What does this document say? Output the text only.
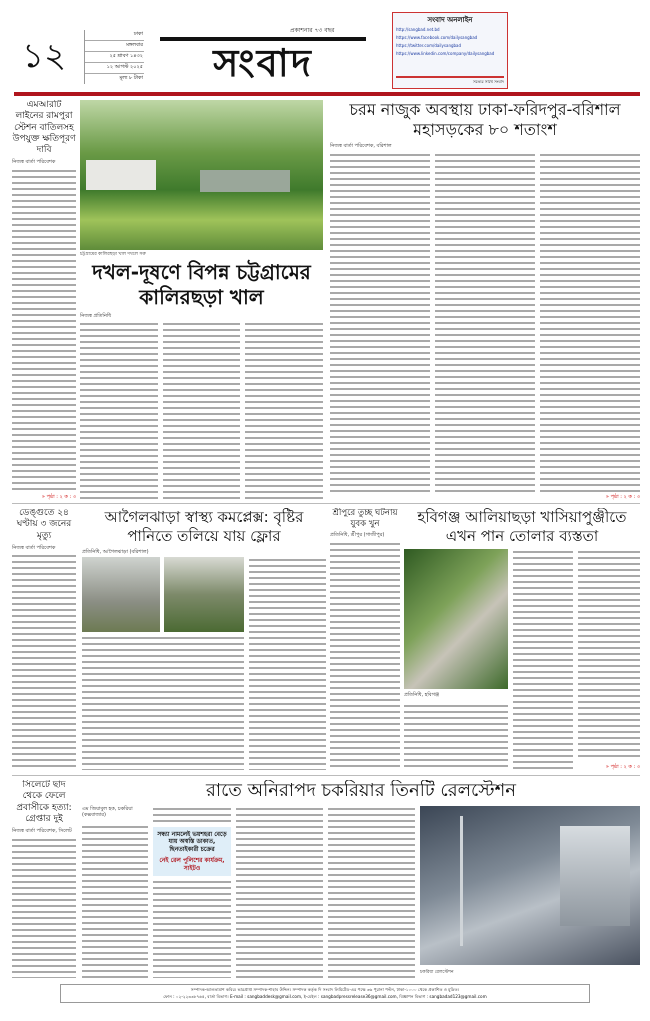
১২
ঢাকা
মঙ্গলবার
২৫ শ্রাবণ ১৪৩২
১২ আগস্ট ২০২৫
মূল্য ৮ টাকা
প্রকাশনার ৭৩ বছর
সংবাদ
সংবাদ অনলাইন
http://sangbad.net.bd
https://www.facebook.com/dailysangbad
https://twitter.com/dailysangbad
https://www.linkedin.com/company/dailysangbad
সত্যের সাথে সংবাদ
এমআরটি লাইনের রামপুরা স্টেশন বাতিলসহ উপযুক্ত ক্ষতিপূরণ দাবি
নিজস্ব বার্তা পরিবেশক
» পৃষ্ঠা : ২ ক : ৩
চট্টগ্রামের কালিরছড়া খাল দখলে সরু
দখল-দূষণে বিপন্ন চট্টগ্রামের কালিরছড়া খাল
নিজস্ব প্রতিনিধি
চরম নাজুক অবস্থায় ঢাকা-ফরিদপুর-বরিশাল মহাসড়কের ৮০ শতাংশ
নিজস্ব বার্তা পরিবেশক, বরিশাল
» পৃষ্ঠা : ২ ক : ৩
ডেঙ্গুতে ২৪ ঘণ্টায় ৩ জনের মৃত্যু
নিজস্ব বার্তা পরিবেশক
আগৈলঝাড়া স্বাস্থ্য কমপ্লেক্স: বৃষ্টির পানিতে তলিয়ে যায় ফ্লোর
প্রতিনিধি, আগৈলঝাড়া (বরিশাল)
শ্রীপুরে তুচ্ছ ঘটনায় যুবক খুন
প্রতিনিধি, শ্রীপুর (গাজীপুর)
হবিগঞ্জ আলিয়াছড়া খাসিয়াপুঞ্জীতে এখন পান তোলার ব্যস্ততা
প্রতিনিধি, হবিগঞ্জ
» পৃষ্ঠা : ২ ক : ৩
সিলেটে ছাদ থেকে ফেলে প্রবাসীকে হত্যা: গ্রেপ্তার দুই
নিজস্ব বার্তা পরিবেশক, সিলেট
রাতে অনিরাপদ চকরিয়ার তিনটি রেলস্টেশন
এম জিয়াবুল হক, চকরিয়া (কক্সবাজার)
সন্ধ্যা নামলেই ভয়শহরা বেড়ে যায় অস্বস্তি ডাকাত, ছিনতাইকারী চক্রের
নেই রেল পুলিশের কার্যক্রম, সাইটও
চকরিয়া রেলস্টেশন
সম্পাদক-আলতামাশ কবির। ভারপ্রাপ্ত সম্পাদক-শাহাব উদ্দিন। সম্পাদক কর্তৃক দি সংবাদ লিমিটেড-এর পক্ষে ৩৬ পুরানা পল্টন, ঢাকা-১০০০ থেকে প্রকাশিত ও মুদ্রিত।
ফোন : ০২-২২৩৩৮৭৬৫, বার্তা বিভাগ। E-mail : sangbaddesk@gmail.com, ই-মেইল : sangbadpressrelease36@gmail.com, বিজ্ঞাপন বিভাগ : sangbadad123@gmail.com
